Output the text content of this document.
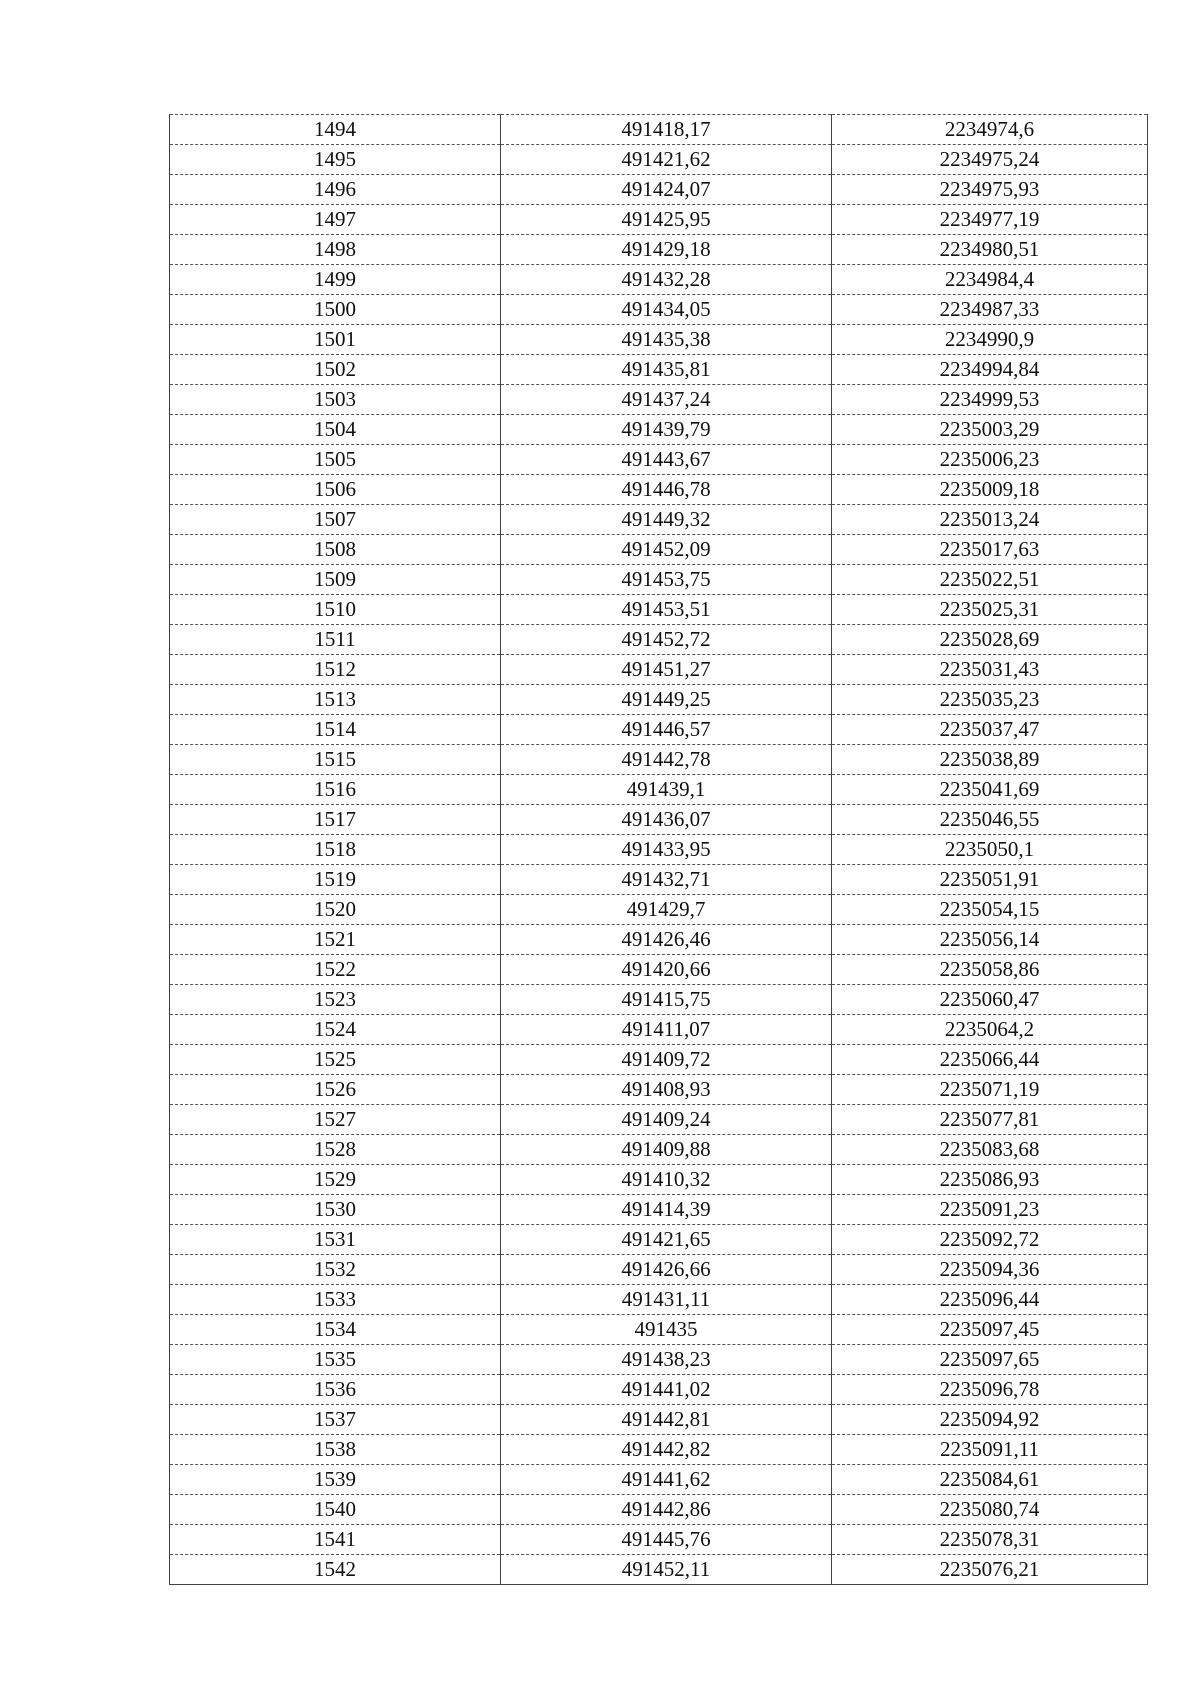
1494	491418,17	2234974,6
1495	491421,62	2234975,24
1496	491424,07	2234975,93
1497	491425,95	2234977,19
1498	491429,18	2234980,51
1499	491432,28	2234984,4
1500	491434,05	2234987,33
1501	491435,38	2234990,9
1502	491435,81	2234994,84
1503	491437,24	2234999,53
1504	491439,79	2235003,29
1505	491443,67	2235006,23
1506	491446,78	2235009,18
1507	491449,32	2235013,24
1508	491452,09	2235017,63
1509	491453,75	2235022,51
1510	491453,51	2235025,31
1511	491452,72	2235028,69
1512	491451,27	2235031,43
1513	491449,25	2235035,23
1514	491446,57	2235037,47
1515	491442,78	2235038,89
1516	491439,1	2235041,69
1517	491436,07	2235046,55
1518	491433,95	2235050,1
1519	491432,71	2235051,91
1520	491429,7	2235054,15
1521	491426,46	2235056,14
1522	491420,66	2235058,86
1523	491415,75	2235060,47
1524	491411,07	2235064,2
1525	491409,72	2235066,44
1526	491408,93	2235071,19
1527	491409,24	2235077,81
1528	491409,88	2235083,68
1529	491410,32	2235086,93
1530	491414,39	2235091,23
1531	491421,65	2235092,72
1532	491426,66	2235094,36
1533	491431,11	2235096,44
1534	491435	2235097,45
1535	491438,23	2235097,65
1536	491441,02	2235096,78
1537	491442,81	2235094,92
1538	491442,82	2235091,11
1539	491441,62	2235084,61
1540	491442,86	2235080,74
1541	491445,76	2235078,31
1542	491452,11	2235076,21
